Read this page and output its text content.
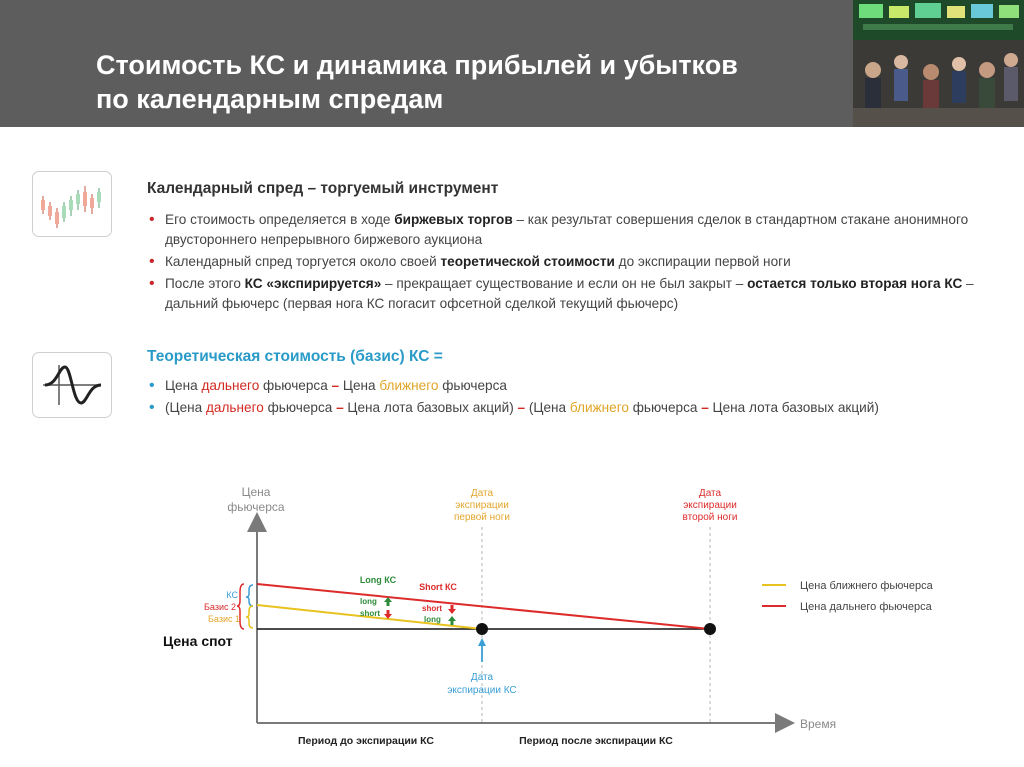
Стоимость КС и динамика прибылей и убытков
по календарным спредам
Календарный спред – торгуемый инструмент
• Его стоимость определяется в ходе биржевых торгов – как результат совершения сделок в стандартном стакане анонимного двустороннего непрерывного биржевого аукциона
• Календарный спред торгуется около своей теоретической стоимости до экспирации первой ноги
• После этого КС «экспирируется» – прекращает существование и если он не был закрыт – остается только вторая нога КС – дальний фьючерс (первая нога КС погасит офсетной сделкой текущий фьючерс)
Теоретическая стоимость (базис) КС =
• Цена дальнего фьючерса – Цена ближнего фьючерса
• (Цена дальнего фьючерса – Цена лота базовых акций) – (Цена ближнего фьючерса – Цена лота базовых акций)
Цена
фьючерса
Время
Дата
экспирации
первой ноги
Дата
экспирации
второй ноги
КС
Базис 2
Базис 1
Цена спот
Long КС
long
short
Short КС
short
long
Дата
экспирации КС
Период до экспирации КС	Период после экспирации КС
Цена ближнего фьючерса
Цена дальнего фьючерса
